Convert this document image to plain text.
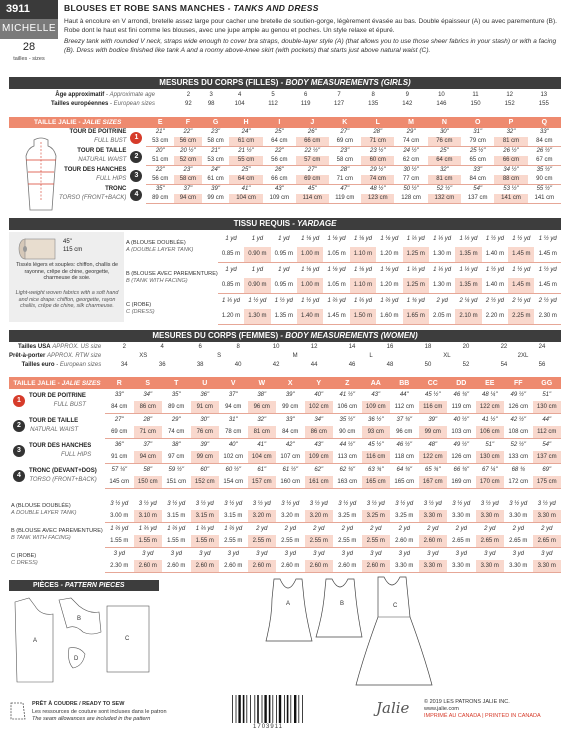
3911
MICHELLE
28
tailles - sizes
BLOUSES ET ROBE SANS MANCHES - TANKS AND DRESS
Haut à encolure en V arrondi, bretelle assez large pour cacher une bretelle de soutien-gorge, légèrement évasée au bas. Double épaisseur (A) ou avec parementure (B). Robe dont le haut est fini comme les blouses, avec une jupe ample au genou et poches. Un style relaxe et épuré.
Breezy tank with rounded V neck, straps wide enough to cover bra straps, double-layer style (A) (that allows you to use those sheer fabrics in your stash) or with a facing (B). Dress with bodice finished like tank A and a roomy above-knee skirt (with pockets) that starts just above natural waist (C).
MESURES DU CORPS (FILLES) - BODY MEASUREMENTS (GIRLS)
Âge approximatif - Approximate age		2	3	4	5	6	7	8	9	10	11	12	13	
Tailles européennes - European sizes		92	98	104	112	119	127	135	142	146	150	152	155	
TAILLE JALIE - JALIE SIZES	E	F	G	H	I	J	K	L	M	N	O	P	Q
TOUR DE POITRINE
FULL BUST1	21"	22"	23"	24"	25"	26"	27"	28"	29"	30"	31"	32"	33"
	53 cm	56 cm	58 cm	61 cm	64 cm	66 cm	69 cm	71 cm	74 cm	76 cm	79 cm	81 cm	84 cm
TOUR DE TAILLE
NATURAL WAIST2	20"	20 ½"	21"	21 ½"	22"	22 ½"	23"	23 ½"	24 ½"	25"	25 ½"	26 ½"	26 ½"
	51 cm	52 cm	53 cm	55 cm	56 cm	57 cm	58 cm	60 cm	62 cm	64 cm	65 cm	66 cm	67 cm
TOUR DES HANCHES
FULL HIPS3	22"	23"	24"	25"	26"	27"	28"	29 ½"	30 ½"	32"	33"	34 ½"	35 ½"
	56 cm	58 cm	61 cm	64 cm	66 cm	69 cm	71 cm	74 cm	77 cm	81 cm	84 cm	88 cm	90 cm
TRONC
TORSO (FRONT+BACK)4	35"	37"	39"	41"	43"	45"	47"	48 ½"	50 ½"	52 ½"	54"	53 ½"	55 ½"
	89 cm	94 cm	99 cm	104 cm	109 cm	114 cm	119 cm	123 cm	128 cm	132 cm	137 cm	141 cm	141 cm
TISSU REQUIS - YARDAGE
45"
115 cm
Tissés légers et souples: chiffon, challis de rayonne, crêpe de chine, georgette, charmeuse de soie.
Light-weight woven fabrics with a soft hand and nice drape: chiffon, georgette, rayon challis, crêpe de chine, silk charmeuse.
A (BLOUSE DOUBLÉE)
A (DOUBLE LAYER TANK)	1 yd	1 yd	1 yd	1 ⅛ yd	1 ⅛ yd	1 ⅛ yd	1 ⅛ yd	1 ⅓ yd	1 ⅓ yd	1 ⅓ yd	1 ½ yd	1 ½ yd	1 ½ yd
	0.85 m	0.90 m	0.95 m	1.00 m	1.05 m	1.10 m	1.20 m	1.25 m	1.30 m	1.35 m	1.40 m	1.45 m	1.45 m
B (BLOUSE AVEC PAREMENTURE)
B (TANK WITH FACING)	1 yd	1 yd	1 yd	1 ⅛ yd	1 ⅛ yd	1 ⅛ yd	1 ⅛ yd	1 ⅓ yd	1 ⅓ yd	1 ⅓ yd	1 ½ yd	1 ½ yd	1 ½ yd
	0.85 m	0.90 m	0.95 m	1.00 m	1.05 m	1.10 m	1.20 m	1.25 m	1.30 m	1.35 m	1.40 m	1.45 m	1.45 m
C (ROBE)
C (DRESS)	1 ⅓ yd	1 ½ yd	1 ½ yd	1 ½ yd	1 ⅔ yd	1 ⅔ yd	1 ⅔ yd	1 ¾ yd	2 yd	2 ¼ yd	2 ½ yd	2 ½ yd	2 ½ yd
	1.20 m	1.30 m	1.35 m	1.40 m	1.45 m	1.50 m	1.60 m	1.65 m	2.05 m	2.10 m	2.20 m	2.25 m	2.30 m
MESURES DU CORPS (FEMMES) - BODY MEASUREMENTS (WOMEN)
Tailles USA APPROX. US size	2	4	6	8	10	12	14	16	18	20	22	24
Prêt-à-porter APPROX. RTW size	XS		S		M		L		XL		2XL	
Tailles euro - European sizes	34	36	38	40	42	44	46	48	50	52	54	56
TAILLE JALIE - JALIE SIZES	R	S	T	U	V	W	X	Y	Z	AA	BB	CC	DD	EE	FF	GG
1TOUR DE POITRINE
FULL BUST	33"	34"	35"	36"	37"	38"	39"	40"	41 ½"	43"	44"	45 ½"	46 ¾"	48 ¼"	49 ½"	51"
	84 cm	86 cm	89 cm	91 cm	94 cm	96 cm	99 cm	102 cm	106 cm	109 cm	112 cm	116 cm	119 cm	122 cm	126 cm	130 cm
2TOUR DE TAILLE
NATURAL WAIST	27"	28"	29"	30"	31"	32"	33"	34"	35 ½"	36 ½"	37 ¾"	39"	40 ½"	41 ½"	42 ½"	44"
	69 cm	71 cm	74 cm	76 cm	78 cm	81 cm	84 cm	86 cm	90 cm	93 cm	96 cm	99 cm	103 cm	106 cm	108 cm	112 cm
3TOUR DES HANCHES
FULL HIPS	36"	37"	38"	39"	40"	41"	42"	43"	44 ½"	45 ½"	46 ½"	48"	49 ½"	51"	52 ½"	54"
	91 cm	94 cm	97 cm	99 cm	102 cm	104 cm	107 cm	109 cm	113 cm	116 cm	118 cm	122 cm	126 cm	130 cm	133 cm	137 cm
4TRONC (DEVANT+DOS)
TORSO (FRONT+BACK)	57 ¼"	58"	59 ½"	60"	60 ½"	61"	61 ½"	62"	62 ¾"	63 ¾"	64 ¾"	65 ¾"	66 ¾"	67 ¼"	68 ¾	69"
	145 cm	150 cm	151 cm	152 cm	154 cm	157 cm	160 cm	161 cm	163 cm	165 cm	165 cm	167 cm	169 cm	170 cm	172 cm	175 cm
A (BLOUSE DOUBLÉE)
A DOUBLE LAYER TANK)	3 ½ yd	3 ½ yd	3 ½ yd	3 ½ yd	3 ½ yd	3 ½ yd	3 ½ yd	3 ½ yd	3 ½ yd	3 ½ yd	3 ½ yd	3 ½ yd	3 ½ yd	3 ½ yd	3 ½ yd	3 ½ yd
	3.00 m	3.10 m	3.15 m	3.15 m	3.15 m	3.20 m	3.20 m	3.20 m	3.25 m	3.25 m	3.25 m	3.30 m	3.30 m	3.30 m	3.30 m	3.30 m
B (BLOUSE AVEC PAREMENTURE)
B TANK WITH FACING)	1 ⅔ yd	1 ⅔ yd	1 ⅔ yd	1 ⅔ yd	1 ⅔ yd	2 yd	2 yd	2 yd	2 yd	2 yd	2 yd	2 yd	2 yd	2 yd	2 yd	2 yd
	1.55 m	1.55 m	1.55 m	1.55 m	2.55 m	2.55 m	2.55 m	2.55 m	2.55 m	2.55 m	2.60 m	2.60 m	2.65 m	2.65 m	2.65 m	2.65 m
C (ROBE)
C DRESS)	3 yd	3 yd	3 yd	3 yd	3 yd	3 yd	3 yd	3 yd	3 yd	3 yd	3 yd	3 yd	3 yd	3 yd	3 yd	3 yd
	2.30 m	2.60 m	2.60 m	2.60 m	2.60 m	2.60 m	2.60 m	2.60 m	2.60 m	2.60 m	3.30 m	3.30 m	3.30 m	3.30 m	3.30 m	3.30 m
PIÈCES - PATTERN PIECES
A
B
C
D
A	B	C
PRÊT À COUDRE / READY TO SEW
Les ressources de couture sont incluses dans le patron
The seam allowances are included in the pattern
1703911
Jalie	© 2019 LES PATRONS JALIE INC.
www.jalie.com
IMPRIMÉ AU CANADA | PRINTED IN CANADA
